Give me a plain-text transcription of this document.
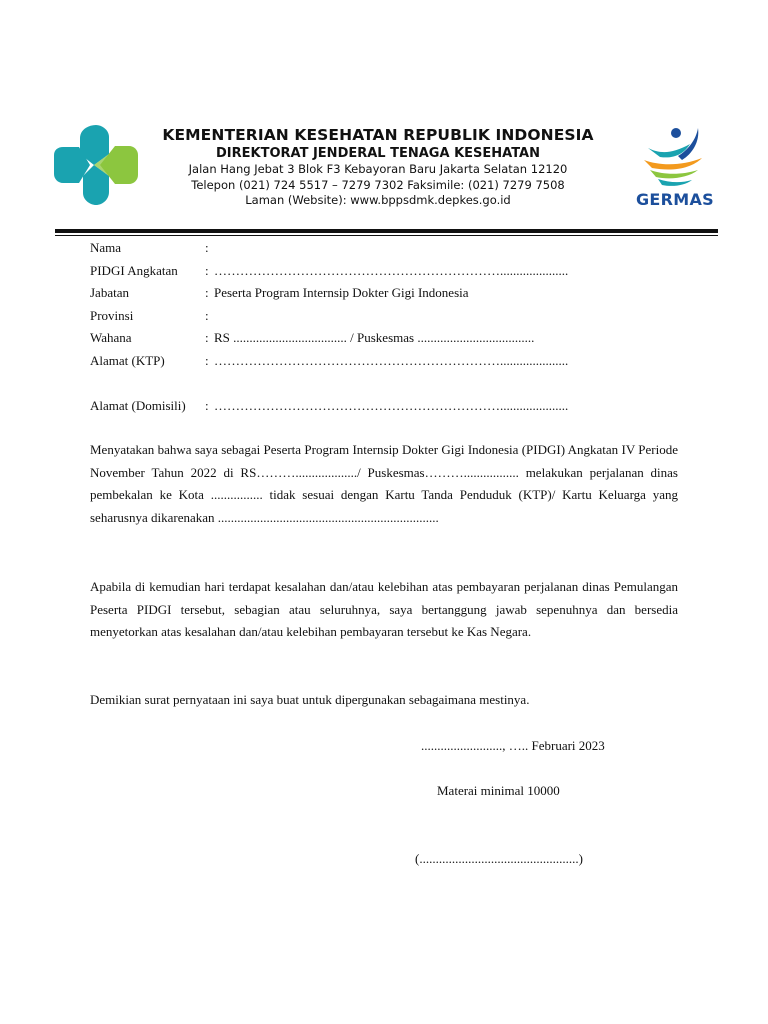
KEMENTERIAN KESEHATAN REPUBLIK INDONESIA
DIREKTORAT JENDERAL TENAGA KESEHATAN
Jalan Hang Jebat 3 Blok F3 Kebayoran Baru Jakarta Selatan 12120
Telepon (021) 724 5517 – 7279 7302 Faksimile: (021) 7279 7508
Laman (Website): www.bppsdmk.depkes.go.id	GERMAS
Nama	:
PIDGI Angkatan : ………………………………………………………….....................
Jabatan	: Peserta Program Internsip Dokter Gigi Indonesia
Provinsi	:
Wahana	: RS ................................... / Puskesmas ....................................
Alamat (KTP)	: ………………………………………………………….....................
Alamat (Domisili) : ………………………………………………………….....................

Menyatakan bahwa saya sebagai Peserta Program Internsip Dokter Gigi Indonesia (PIDGI) Angkatan IV Periode November Tahun 2022 di RS……….................../ Puskesmas………................. melakukan perjalanan dinas pembekalan ke Kota ................ tidak sesuai dengan Kartu Tanda Penduduk (KTP)/ Kartu Keluarga yang seharusnya dikarenakan ....................................................................

Apabila di kemudian hari terdapat kesalahan dan/atau kelebihan atas pembayaran perjalanan dinas Pemulangan Peserta PIDGI tersebut, sebagian atau seluruhnya, saya bertanggung jawab sepenuhnya dan bersedia menyetorkan atas kesalahan dan/atau kelebihan pembayaran tersebut ke Kas Negara.

Demikian surat pernyataan ini saya buat untuk dipergunakan sebagaimana mestinya.
........................., ….. Februari 2023
Materai minimal 10000
(.................................................)
